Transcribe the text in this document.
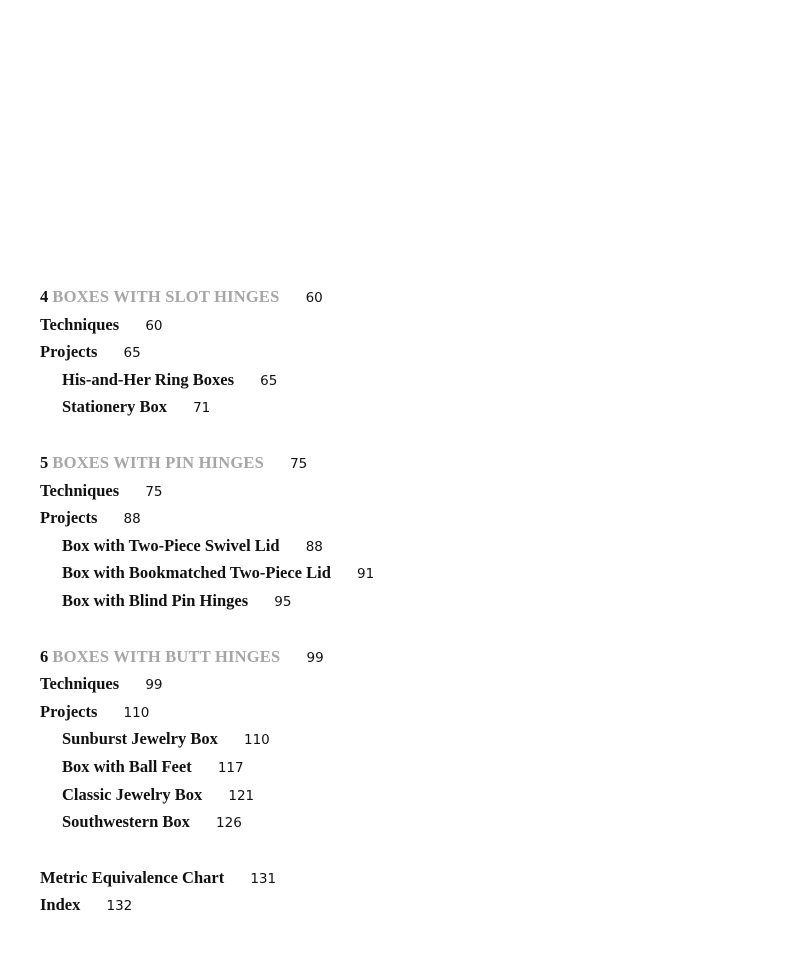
4 BOXES WITH SLOT HINGES 60
Techniques 60
Projects 65
His-and-Her Ring Boxes 65
Stationery Box 71
5 BOXES WITH PIN HINGES 75
Techniques 75
Projects 88
Box with Two-Piece Swivel Lid 88
Box with Bookmatched Two-Piece Lid 91
Box with Blind Pin Hinges 95
6 BOXES WITH BUTT HINGES 99
Techniques 99
Projects 110
Sunburst Jewelry Box 110
Box with Ball Feet 117
Classic Jewelry Box 121
Southwestern Box 126
Metric Equivalence Chart 131
Index 132
